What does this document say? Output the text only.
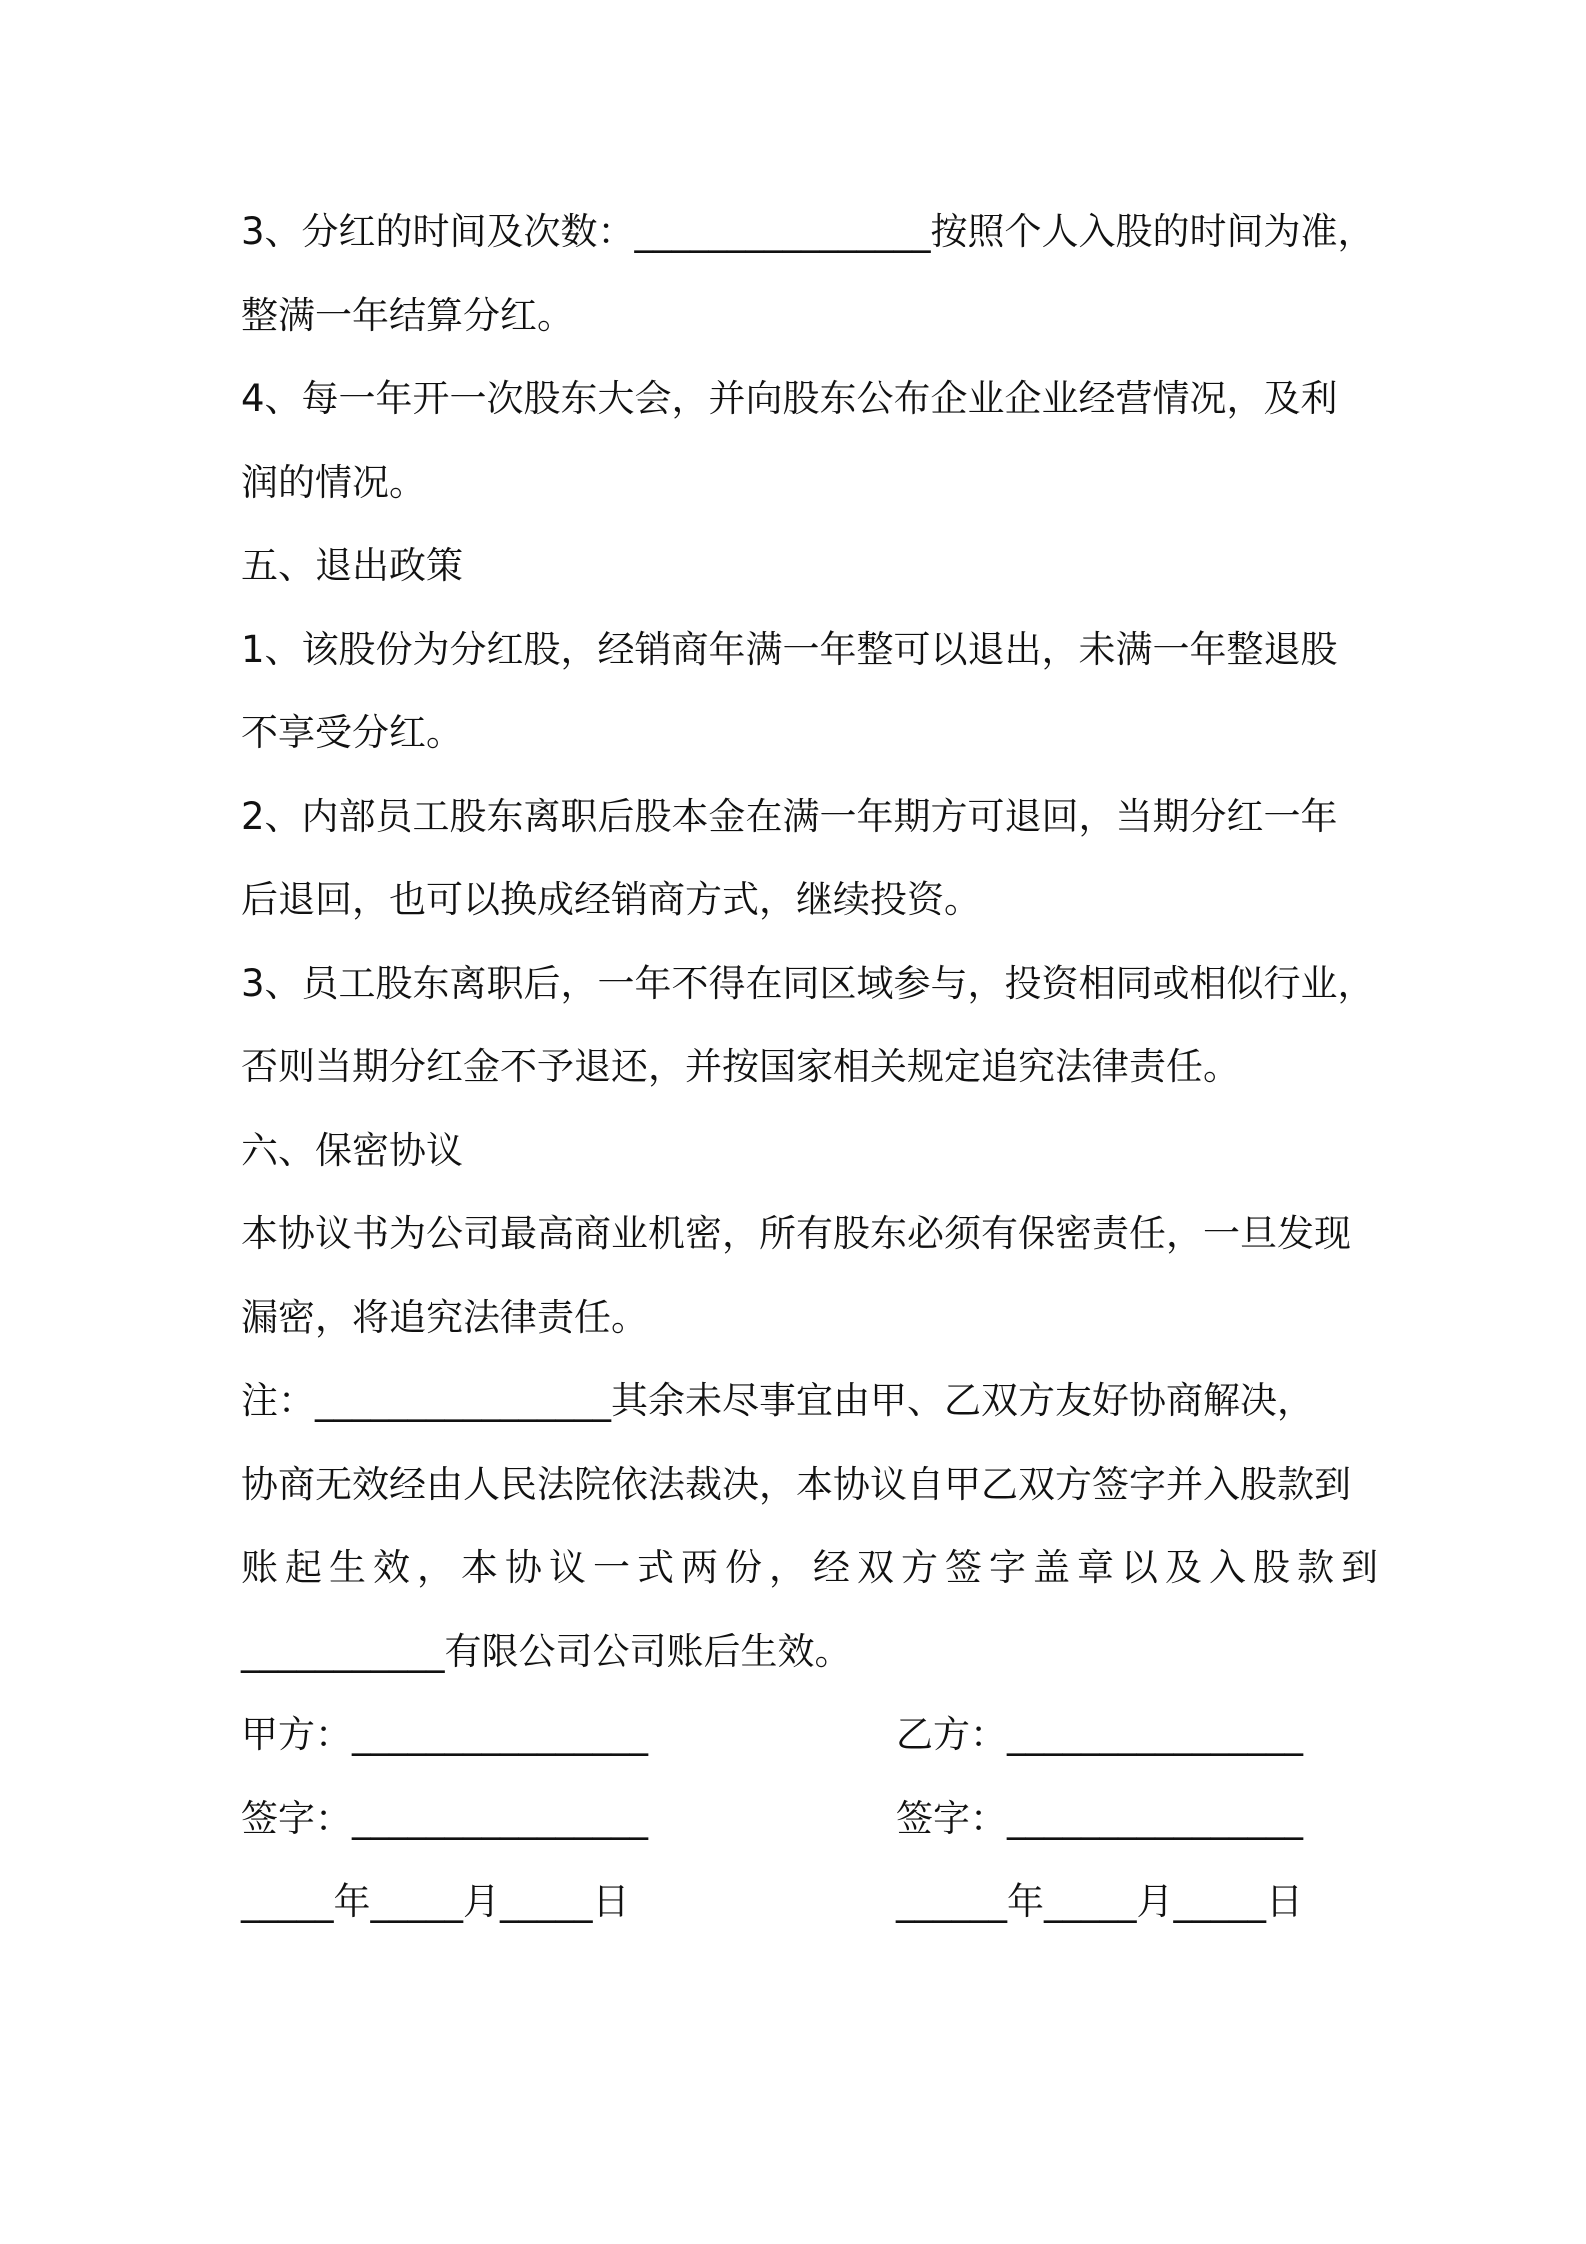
3、分红的时间及次数：________________按照个人入股的时间为准，
整满一年结算分红。
4、每一年开一次股东大会，并向股东公布企业企业经营情况，及利
润的情况。
五、退出政策
1、该股份为分红股，经销商年满一年整可以退出，未满一年整退股
不享受分红。
2、内部员工股东离职后股本金在满一年期方可退回，当期分红一年
后退回，也可以换成经销商方式，继续投资。
3、员工股东离职后，一年不得在同区域参与，投资相同或相似行业，
否则当期分红金不予退还，并按国家相关规定追究法律责任。
六、保密协议
本协议书为公司最高商业机密，所有股东必须有保密责任，一旦发现
漏密，将追究法律责任。
注：________________其余未尽事宜由甲、乙双方友好协商解决，
协商无效经由人民法院依法裁决，本协议自甲乙双方签字并入股款到
账起生效，本协议一式两份，经双方签字盖章以及入股款到
___________有限公司公司账后生效。
甲方：________________	乙方：________________
签字：________________	签字：________________
_____年_____月_____日	______年_____月_____日
